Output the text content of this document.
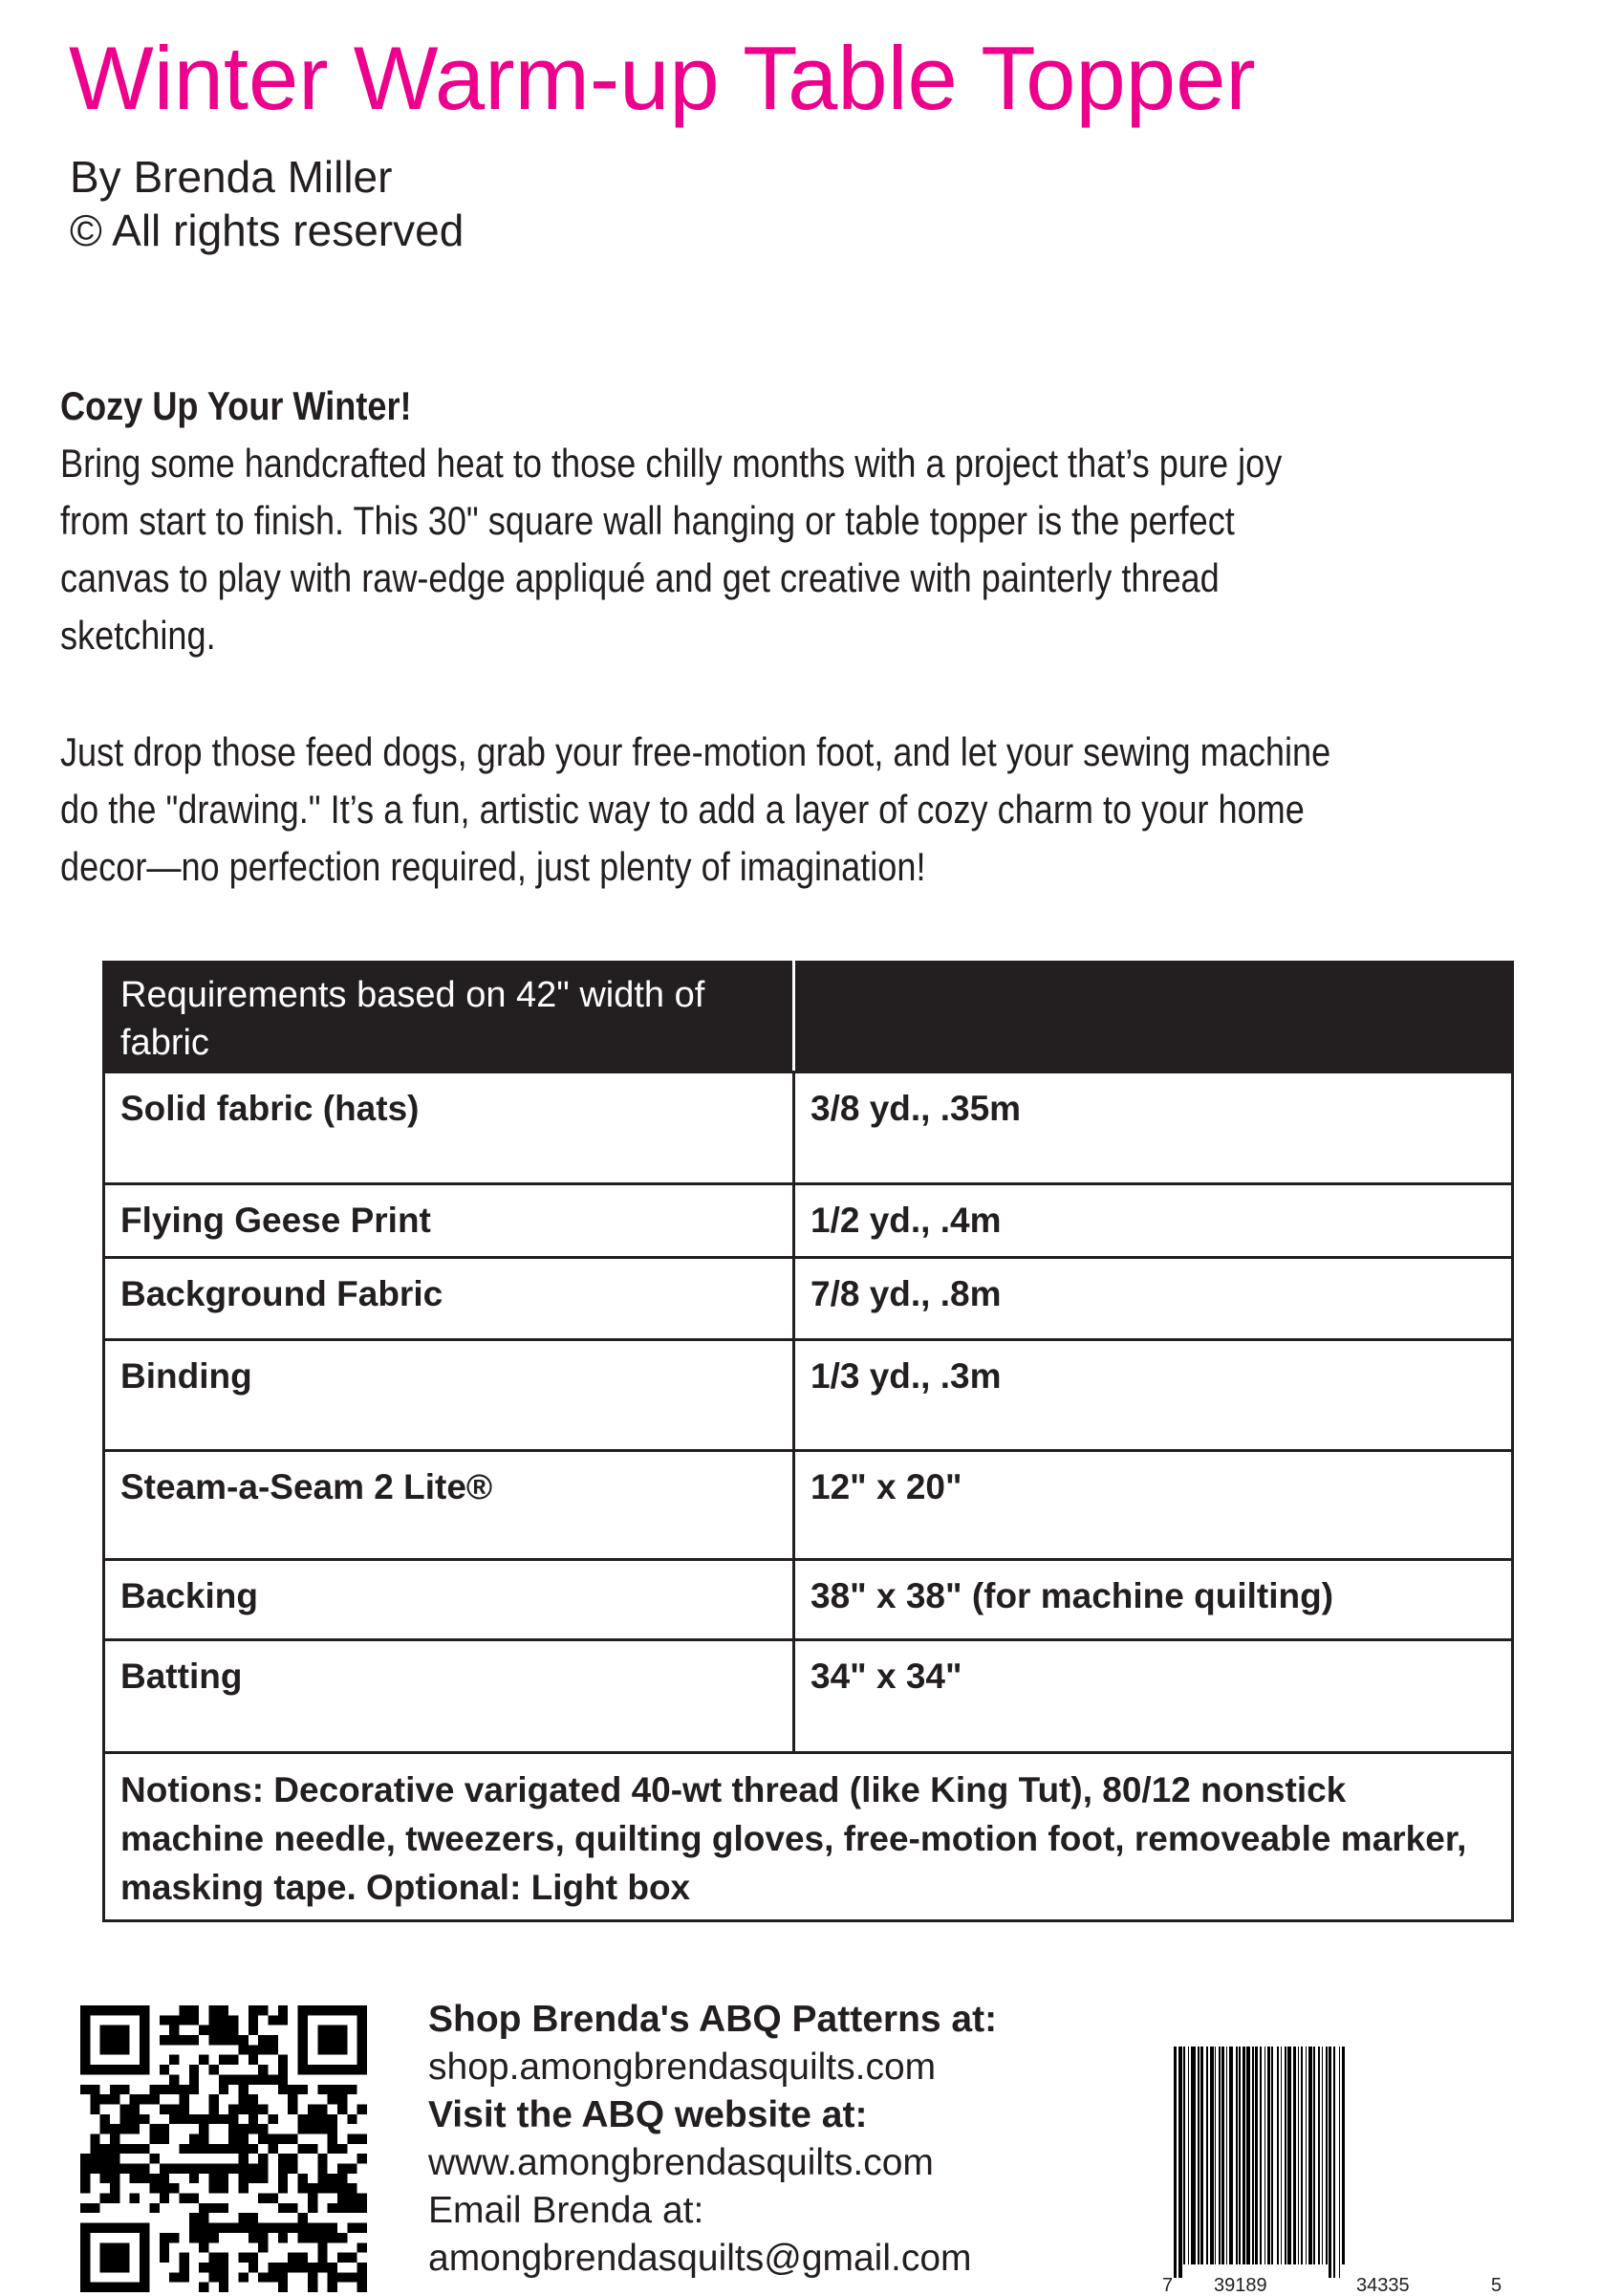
Winter Warm-up Table Topper
By Brenda Miller
© All rights reserved
Cozy Up Your Winter!
Bring some handcrafted heat to those chilly months with a project that’s pure joy from start to finish. This 30" square wall hanging or table topper is the perfect canvas to play with raw-edge appliqué and get creative with painterly thread sketching.
Just drop those feed dogs, grab your free-motion foot, and let your sewing machine do the "drawing." It’s a fun, artistic way to add a layer of cozy charm to your home decor—no perfection required, just plenty of imagination!
Requirements based on 42" width of fabric	
Solid fabric (hats)	3/8 yd., .35m
Flying Geese Print	1/2 yd., .4m
Background Fabric	7/8 yd., .8m
Binding	1/3 yd., .3m
Steam-a-Seam 2 Lite®	12" x 20"
Backing	38" x 38" (for machine quilting)
Batting	34" x 34"
Notions: Decorative varigated 40-wt thread (like King Tut), 80/12 nonstick machine needle, tweezers, quilting gloves, free-motion foot, removeable marker, masking tape. Optional: Light box	
Shop Brenda's ABQ Patterns at:
shop.amongbrendasquilts.com
Visit the ABQ website at:
www.amongbrendasquilts.com
Email Brenda at:
amongbrendasquilts@gmail.com
7 39189	34335	5
